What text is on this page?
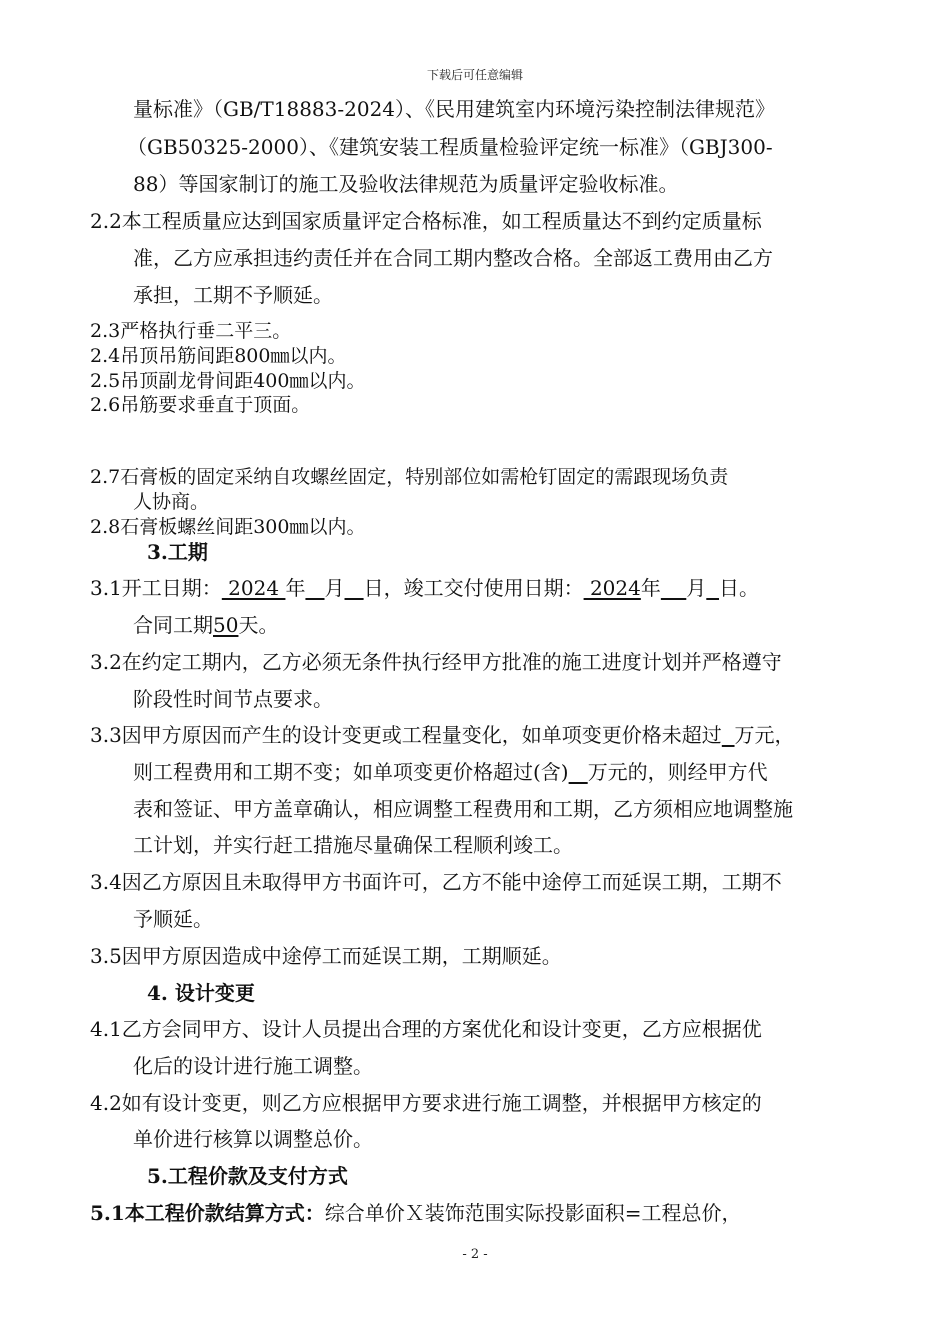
下载后可任意编辑
量标准》（GB/T18883-2024）、《民用建筑室内环境污染控制法律规范》
（GB50325-2000）、《建筑安装工程质量检验评定统一标准》（GBJ300-
88）等国家制订的施工及验收法律规范为质量评定验收标准。
2.2本工程质量应达到国家质量评定合格标准，如工程质量达不到约定质量标
准，乙方应承担违约责任并在合同工期内整改合格。全部返工费用由乙方
承担，工期不予顺延。
2.3严格执行垂二平三。
2.4吊顶吊筋间距800㎜以内。
2.5吊顶副龙骨间距400㎜以内。
2.6吊筋要求垂直于顶面。
2.7石膏板的固定采纳自攻螺丝固定，特别部位如需枪钉固定的需跟现场负责
人协商。
2.8石膏板螺丝间距300㎜以内。
3.工期
3.1开工日期： 2024 年 月 日，竣工交付使用日期： 2024年 月 日。
合同工期50天。
3.2在约定工期内，乙方必须无条件执行经甲方批准的施工进度计划并严格遵守
阶段性时间节点要求。
3.3因甲方原因而产生的设计变更或工程量变化，如单项变更价格未超过 万元，
则工程费用和工期不变；如单项变更价格超过(含) 万元的，则经甲方代
表和签证、甲方盖章确认，相应调整工程费用和工期，乙方须相应地调整施
工计划，并实行赶工措施尽量确保工程顺利竣工。
3.4因乙方原因且未取得甲方书面许可，乙方不能中途停工而延误工期，工期不
予顺延。
3.5因甲方原因造成中途停工而延误工期，工期顺延。
4. 设计变更
4.1乙方会同甲方、设计人员提出合理的方案优化和设计变更，乙方应根据优
化后的设计进行施工调整。
4.2如有设计变更，则乙方应根据甲方要求进行施工调整，并根据甲方核定的
单价进行核算以调整总价。
5.工程价款及支付方式
5.1本工程价款结算方式：综合单价Ｘ装饰范围实际投影面积=工程总价，
- 2 -
